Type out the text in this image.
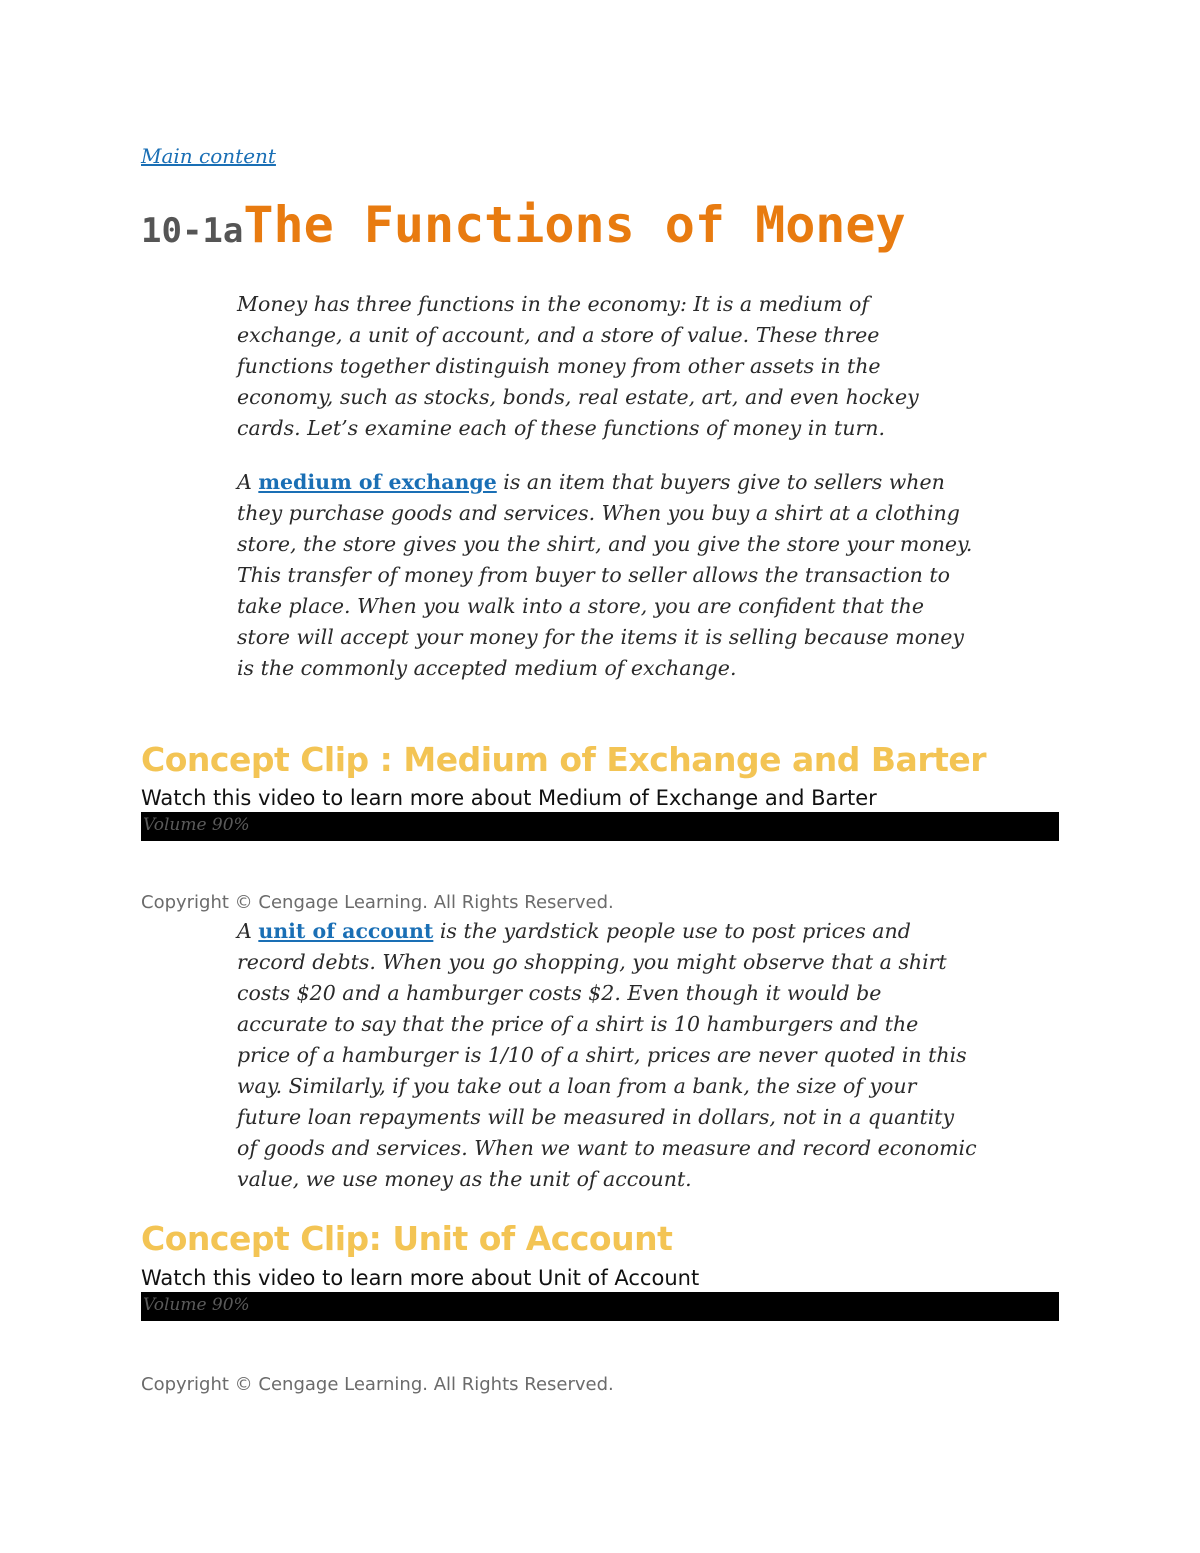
Main content
10-1aThe Functions of Money

Money has three functions in the economy: It is a medium of exchange, a unit of account, and a store of value. These three functions together distinguish money from other assets in the economy, such as stocks, bonds, real estate, art, and even hockey cards. Let’s examine each of these functions of money in turn.

A medium of exchange is an item that buyers give to sellers when they purchase goods and services. When you buy a shirt at a clothing store, the store gives you the shirt, and you give the store your money. This transfer of money from buyer to seller allows the transaction to take place. When you walk into a store, you are confident that the store will accept your money for the items it is selling because money is the commonly accepted medium of exchange.

Concept Clip : Medium of Exchange and Barter
Watch this video to learn more about Medium of Exchange and Barter
Volume 90%
Copyright © Cengage Learning. All Rights Reserved.

A unit of account is the yardstick people use to post prices and record debts. When you go shopping, you might observe that a shirt costs $20 and a hamburger costs $2. Even though it would be accurate to say that the price of a shirt is 10 hamburgers and the price of a hamburger is 1/10 of a shirt, prices are never quoted in this way. Similarly, if you take out a loan from a bank, the size of your future loan repayments will be measured in dollars, not in a quantity of goods and services. When we want to measure and record economic value, we use money as the unit of account.

Concept Clip: Unit of Account
Watch this video to learn more about Unit of Account
Volume 90%
Copyright © Cengage Learning. All Rights Reserved.
